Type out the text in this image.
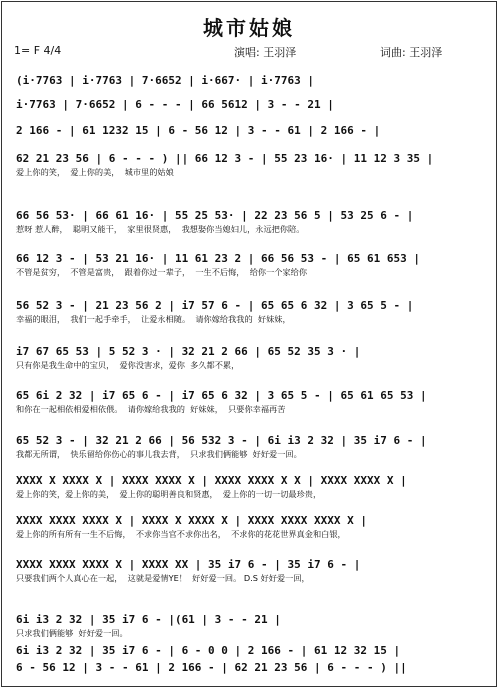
城市姑娘
1= F 4/4	演唱: 王羽泽	词曲: 王羽泽
(i·7763 | i·7763 | 7·6652 | i·667· | i·7763 |
i·7763 | 7·6652 | 6 - - - | 66 5612 | 3 - - 21 |
2 166 - | 61 1232 15 | 6 - 56 12 | 3 - - 61 | 2 166 - |
62 21 23 56 | 6 - - - ) || 66 12 3 - | 55 23 16· | 11 12 3 35 |
爱上你的笑，  爱上你的美，  城市里的姑娘
66 56 53· | 66 61 16· | 55 25 53· | 22 23 56 5 | 53 25 6 - |
惹呀 惹人醉，  聪明又能干，  家里很贤惠，  我想娶你当媳妇儿，永远把你陪。
66 12 3 - | 53 21 16· | 11 61 23 2 | 66 56 53 - | 65 61 653 |
不管是贫穷，  不管是富贵，  跟着你过一辈子，  一生不后悔，  给你一个家给你
56 52 3 - | 21 23 56 2 | i7 57 6 - | 65 65 6 32 | 3 65 5 - |
幸福的眼泪，  我们一起手牵手，  让爱永相随。  请你嫁给我我的  好妹妹，
i7 67 65 53 | 5 52 3 · | 32 21 2 66 | 65 52 35 3 · |
只有你是我生命中的宝贝，  爱你没害求，爱你  多久都不累，
65 6i 2 32 | i7 65 6 - | i7 65 6 32 | 3 65 5 - | 65 61 65 53 |
和你在一起相依相爱相依偎。  请你嫁给我我的  好妹妹，  只要你幸福再苦
65 52 3 - | 32 21 2 66 | 56 532 3 - | 6i i3 2 32 | 35 i7 6 - |
我都无所谓，  快乐留给你伤心的事儿我去背，  只求我们俩能够  好好爱一回。
XXXX X XXXX X | XXXX XXXX X | XXXX XXXX X X | XXXX XXXX X |
爱上你的笑，爱上你的美，  爱上你的聪明善良和贤惠，  爱上你的一切一切最珍贵，
XXXX XXXX XXXX X | XXXX X XXXX X | XXXX XXXX XXXX X |
爱上你的所有所有一生不后悔，  不求你当官不求你出名，  不求你的花花世界真金和白银，
XXXX XXXX XXXX X | XXXX XX | 35 i7 6 - | 35 i7 6 - |
只要我们两个人真心在一起，  这就是爱情YE！  好好爱一回。 D.S 好好爱一回，
6i i3 2 32 | 35 i7 6 - |(61 | 3 - - 21 |
只求我们俩能够  好好爱一回。
6i i3 2 32 | 35 i7 6 - | 6 - 0 0 | 2 166 - | 61 12 32 15 |
6 - 56 12 | 3 - - 61 | 2 166 - | 62 21 23 56 | 6 - - - ) ||
